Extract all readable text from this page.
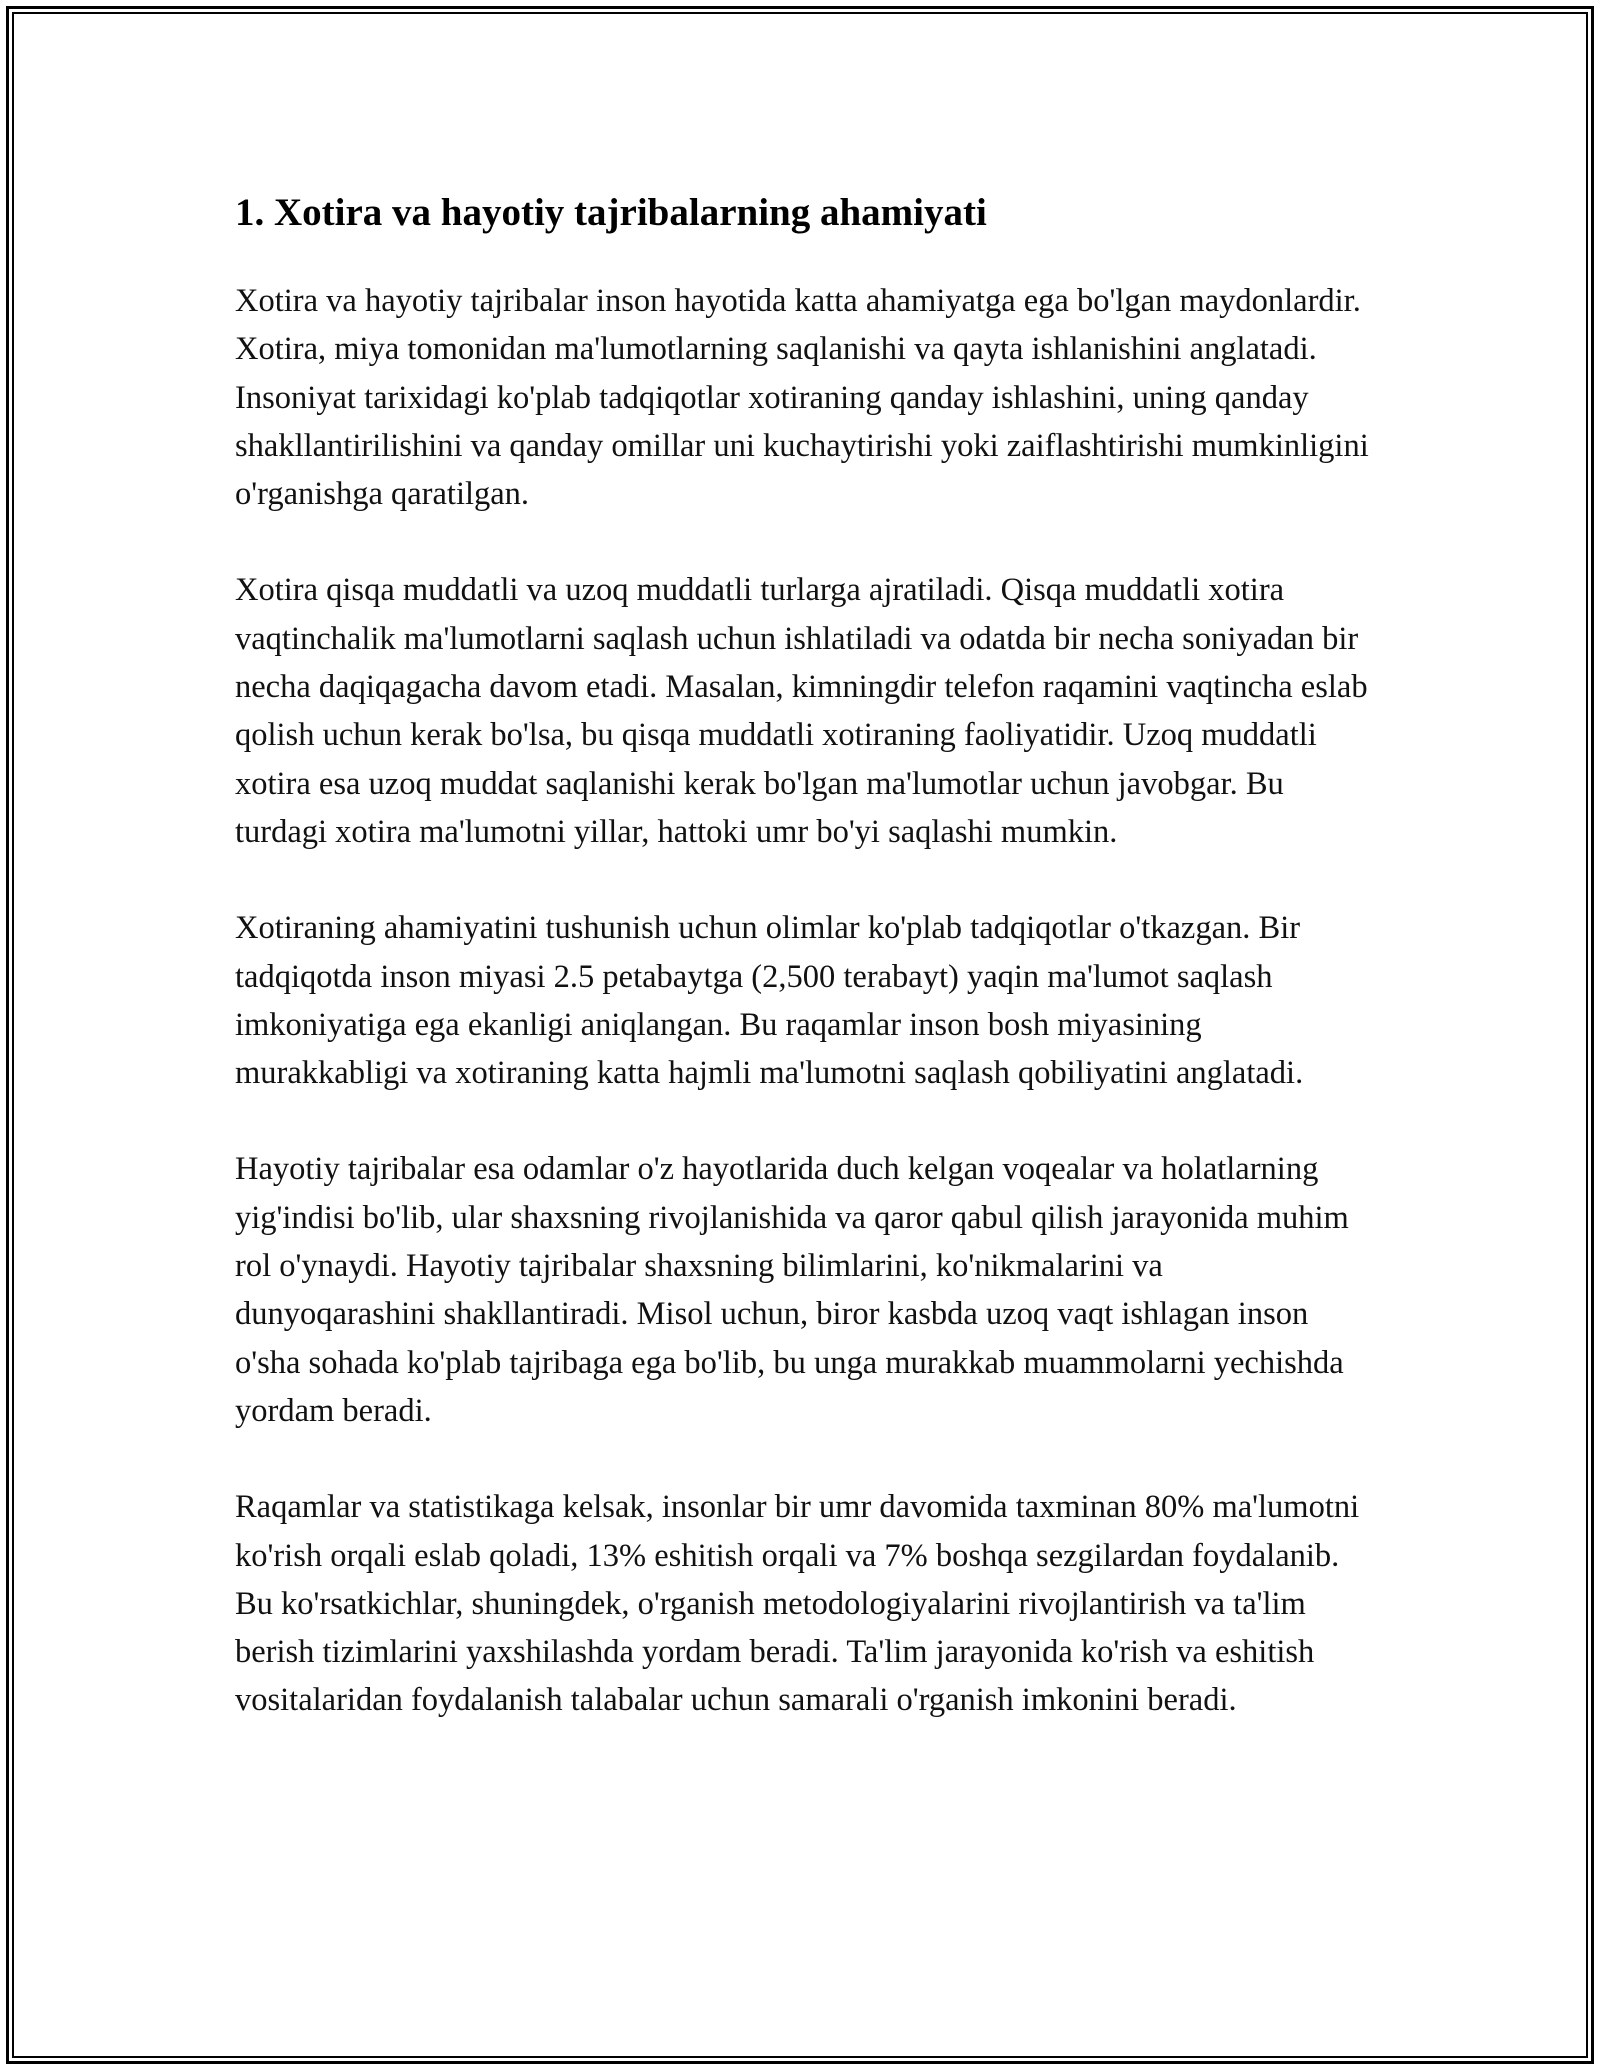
1. Xotira va hayotiy tajribalarning ahamiyati

Xotira va hayotiy tajribalar inson hayotida katta ahamiyatga ega bo'lgan maydonlardir. Xotira, miya tomonidan ma'lumotlarning saqlanishi va qayta ishlanishini anglatadi. Insoniyat tarixidagi ko'plab tadqiqotlar xotiraning qanday ishlashini, uning qanday shakllantirilishini va qanday omillar uni kuchaytirishi yoki zaiflashtirishi mumkinligini o'rganishga qaratilgan.

Xotira qisqa muddatli va uzoq muddatli turlarga ajratiladi. Qisqa muddatli xotira vaqtinchalik ma'lumotlarni saqlash uchun ishlatiladi va odatda bir necha soniyadan bir necha daqiqagacha davom etadi. Masalan, kimningdir telefon raqamini vaqtincha eslab qolish uchun kerak bo'lsa, bu qisqa muddatli xotiraning faoliyatidir. Uzoq muddatli xotira esa uzoq muddat saqlanishi kerak bo'lgan ma'lumotlar uchun javobgar. Bu turdagi xotira ma'lumotni yillar, hattoki umr bo'yi saqlashi mumkin.

Xotiraning ahamiyatini tushunish uchun olimlar ko'plab tadqiqotlar o'tkazgan. Bir tadqiqotda inson miyasi 2.5 petabaytga (2,500 terabayt) yaqin ma'lumot saqlash imkoniyatiga ega ekanligi aniqlangan. Bu raqamlar inson bosh miyasining murakkabligi va xotiraning katta hajmli ma'lumotni saqlash qobiliyatini anglatadi.

Hayotiy tajribalar esa odamlar o'z hayotlarida duch kelgan voqealar va holatlarning yig'indisi bo'lib, ular shaxsning rivojlanishida va qaror qabul qilish jarayonida muhim rol o'ynaydi. Hayotiy tajribalar shaxsning bilimlarini, ko'nikmalarini va dunyoqarashini shakllantiradi. Misol uchun, biror kasbda uzoq vaqt ishlagan inson o'sha sohada ko'plab tajribaga ega bo'lib, bu unga murakkab muammolarni yechishda yordam beradi.

Raqamlar va statistikaga kelsak, insonlar bir umr davomida taxminan 80% ma'lumotni ko'rish orqali eslab qoladi, 13% eshitish orqali va 7% boshqa sezgilardan foydalanib. Bu ko'rsatkichlar, shuningdek, o'rganish metodologiyalarini rivojlantirish va ta'lim berish tizimlarini yaxshilashda yordam beradi. Ta'lim jarayonida ko'rish va eshitish vositalaridan foydalanish talabalar uchun samarali o'rganish imkonini beradi.
